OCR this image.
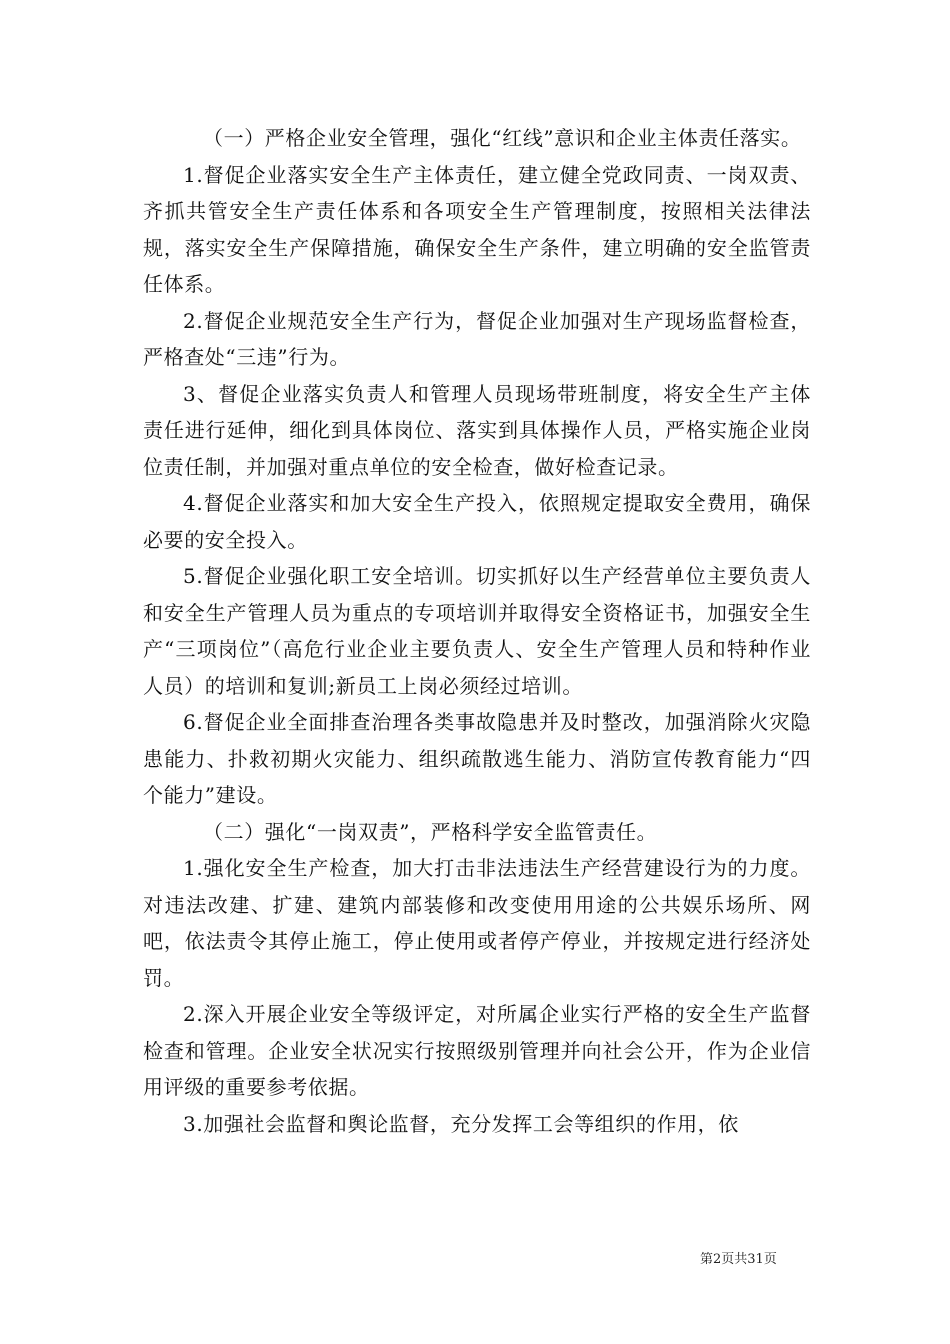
（一）严格企业安全管理，强化“红线”意识和企业主体责任落实。

1.督促企业落实安全生产主体责任，建立健全党政同责、一岗双责、齐抓共管安全生产责任体系和各项安全生产管理制度，按照相关法律法规，落实安全生产保障措施，确保安全生产条件，建立明确的安全监管责任体系。

2.督促企业规范安全生产行为，督促企业加强对生产现场监督检查，严格查处“三违”行为。

3、督促企业落实负责人和管理人员现场带班制度，将安全生产主体责任进行延伸，细化到具体岗位、落实到具体操作人员，严格实施企业岗位责任制，并加强对重点单位的安全检查，做好检查记录。

4.督促企业落实和加大安全生产投入，依照规定提取安全费用，确保必要的安全投入。

5.督促企业强化职工安全培训。切实抓好以生产经营单位主要负责人和安全生产管理人员为重点的专项培训并取得安全资格证书，加强安全生产“三项岗位”（高危行业企业主要负责人、安全生产管理人员和特种作业人员）的培训和复训;新员工上岗必须经过培训。

6.督促企业全面排查治理各类事故隐患并及时整改，加强消除火灾隐患能力、扑救初期火灾能力、组织疏散逃生能力、消防宣传教育能力“四个能力”建设。

（二）强化“一岗双责”，严格科学安全监管责任。

1.强化安全生产检查，加大打击非法违法生产经营建设行为的力度。对违法改建、扩建、建筑内部装修和改变使用用途的公共娱乐场所、网吧，依法责令其停止施工，停止使用或者停产停业，并按规定进行经济处罚。

2.深入开展企业安全等级评定，对所属企业实行严格的安全生产监督检查和管理。企业安全状况实行按照级别管理并向社会公开，作为企业信用评级的重要参考依据。

3.加强社会监督和舆论监督，充分发挥工会等组织的作用，依

第2页共31页
